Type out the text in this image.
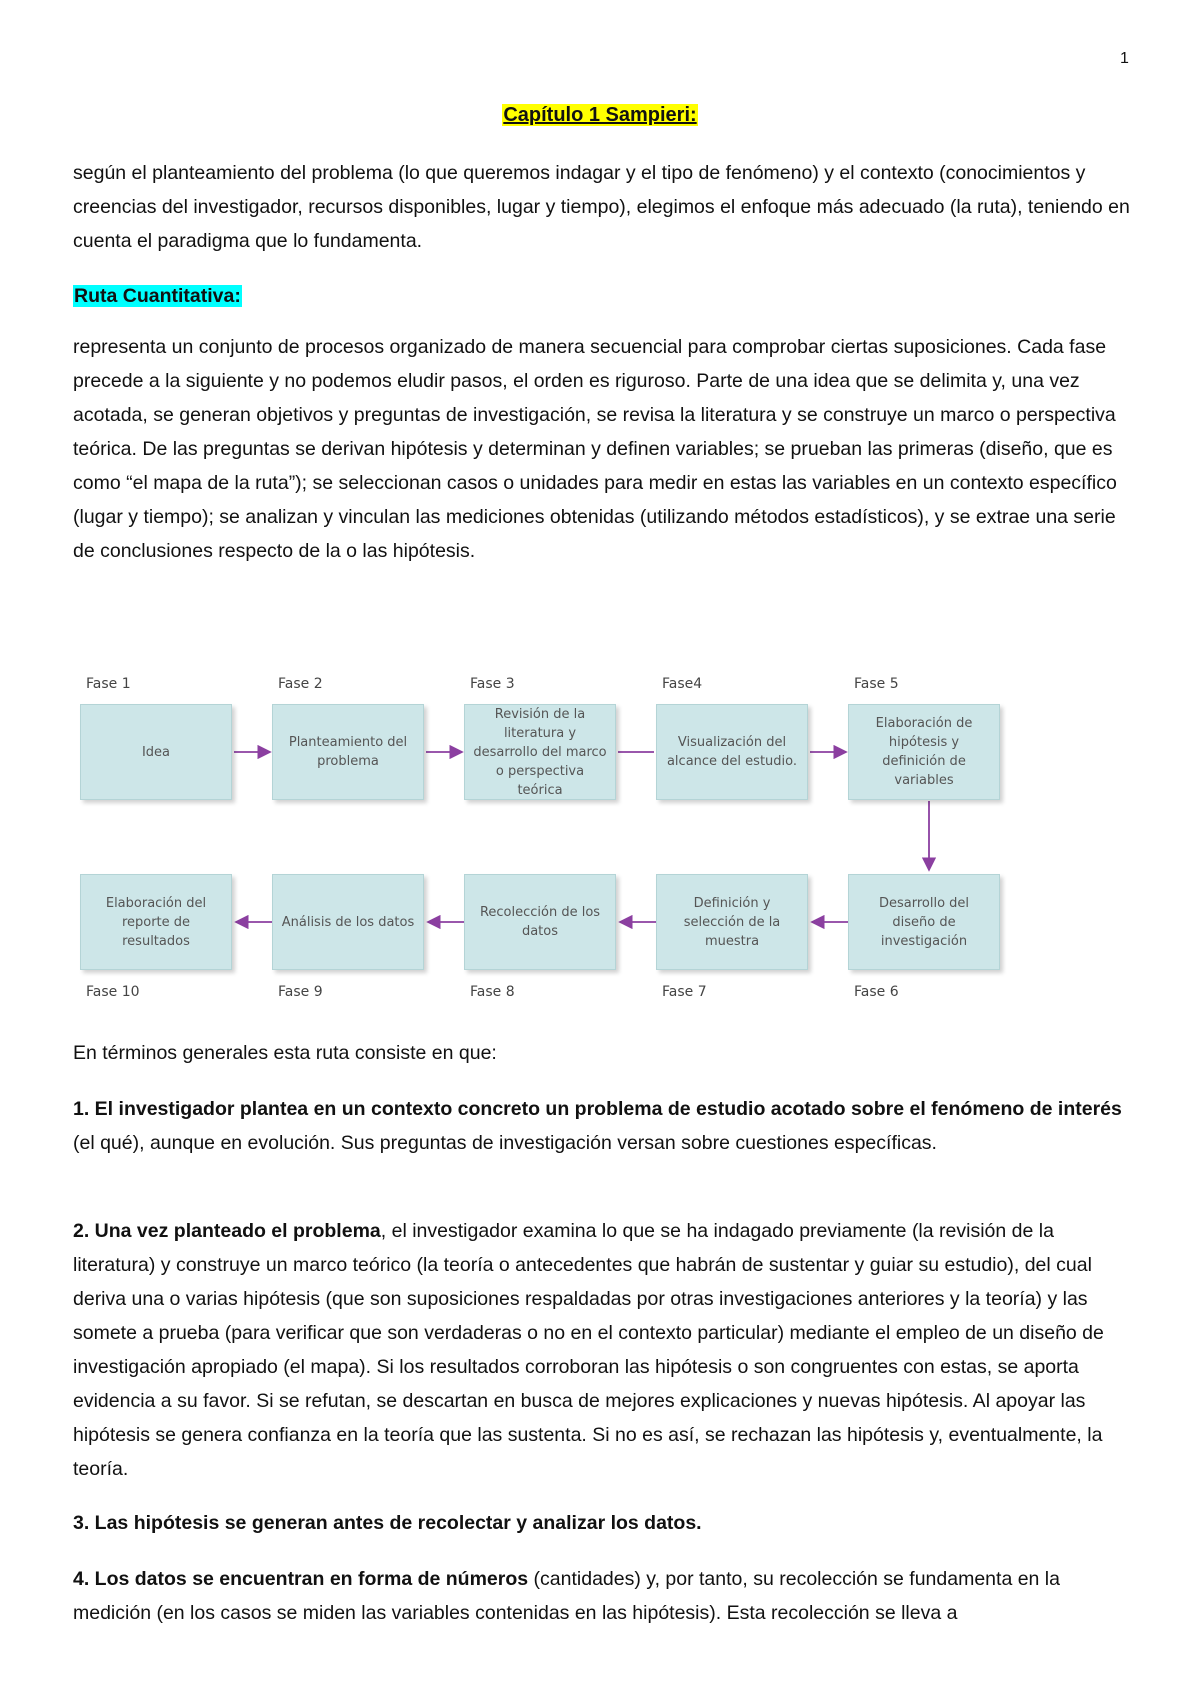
1
Capítulo 1 Sampieri:

según el planteamiento del problema (lo que queremos indagar y el tipo de fenómeno) y el contexto (conocimientos y creencias del investigador, recursos disponibles, lugar y tiempo), elegimos el enfoque más adecuado (la ruta), teniendo en cuenta el paradigma que lo fundamenta.

Ruta Cuantitativa:

representa un conjunto de procesos organizado de manera secuencial para comprobar ciertas suposiciones. Cada fase precede a la siguiente y no podemos eludir pasos, el orden es riguroso. Parte de una idea que se delimita y, una vez acotada, se generan objetivos y preguntas de investigación, se revisa la literatura y se construye un marco o perspectiva teórica. De las preguntas se derivan hipótesis y determinan y definen variables; se prueban las primeras (diseño, que es como “el mapa de la ruta”); se seleccionan casos o unidades para medir en estas las variables en un contexto específico (lugar y tiempo); se analizan y vinculan las mediciones obtenidas (utilizando métodos estadísticos), y se extrae una serie de conclusiones respecto de la o las hipótesis.

Fase 1
Idea
Fase 2
Planteamiento del problema
Fase 3
Revisión de la literatura y desarrollo del marco o perspectiva teórica
Fase4
Visualización del alcance del estudio.
Fase 5
Elaboración de hipótesis y definición de variables
Desarrollo del diseño de investigación
Fase 6
Definición y selección de la muestra
Fase 7
Recolección de los datos
Fase 8
Análisis de los datos
Fase 9
Elaboración del reporte de resultados
Fase 10

En términos generales esta ruta consiste en que:

1. El investigador plantea en un contexto concreto un problema de estudio acotado sobre el fenómeno de interés (el qué), aunque en evolución. Sus preguntas de investigación versan sobre cuestiones específicas.

2. Una vez planteado el problema, el investigador examina lo que se ha indagado previamente (la revisión de la literatura) y construye un marco teórico (la teoría o antecedentes que habrán de sustentar y guiar su estudio), del cual deriva una o varias hipótesis (que son suposiciones respaldadas por otras investigaciones anteriores y la teoría) y las somete a prueba (para verificar que son verdaderas o no en el contexto particular) mediante el empleo de un diseño de investigación apropiado (el mapa). Si los resultados corroboran las hipótesis o son congruentes con estas, se aporta evidencia a su favor. Si se refutan, se descartan en busca de mejores explicaciones y nuevas hipótesis. Al apoyar las hipótesis se genera confianza en la teoría que las sustenta. Si no es así, se rechazan las hipótesis y, eventualmente, la teoría.

3. Las hipótesis se generan antes de recolectar y analizar los datos.

4. Los datos se encuentran en forma de números (cantidades) y, por tanto, su recolección se fundamenta en la medición (en los casos se miden las variables contenidas en las hipótesis). Esta recolección se lleva a
